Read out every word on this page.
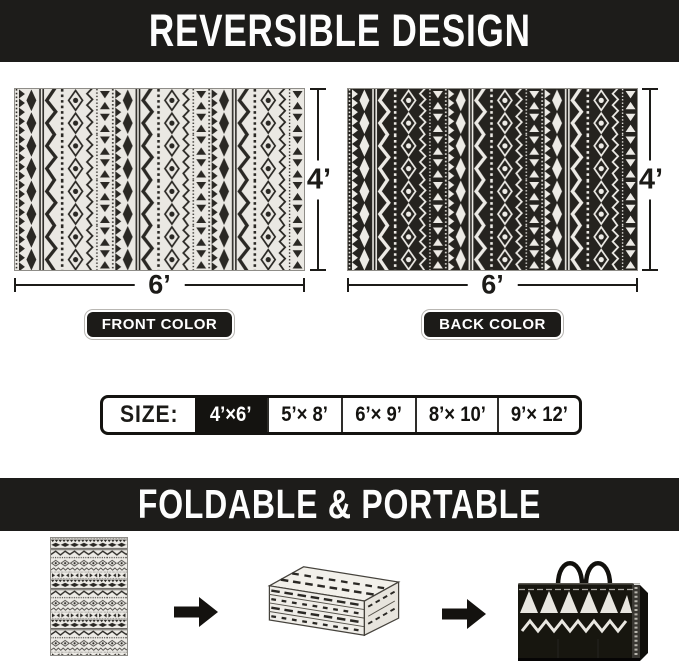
REVERSIBLE DESIGN
4’
6’
4’
6’
FRONT COLOR	BACK COLOR
SIZE: 4’×6’ 5’× 8’ 6’× 9’ 8’× 10’ 9’× 12’
FOLDABLE & PORTABLE
